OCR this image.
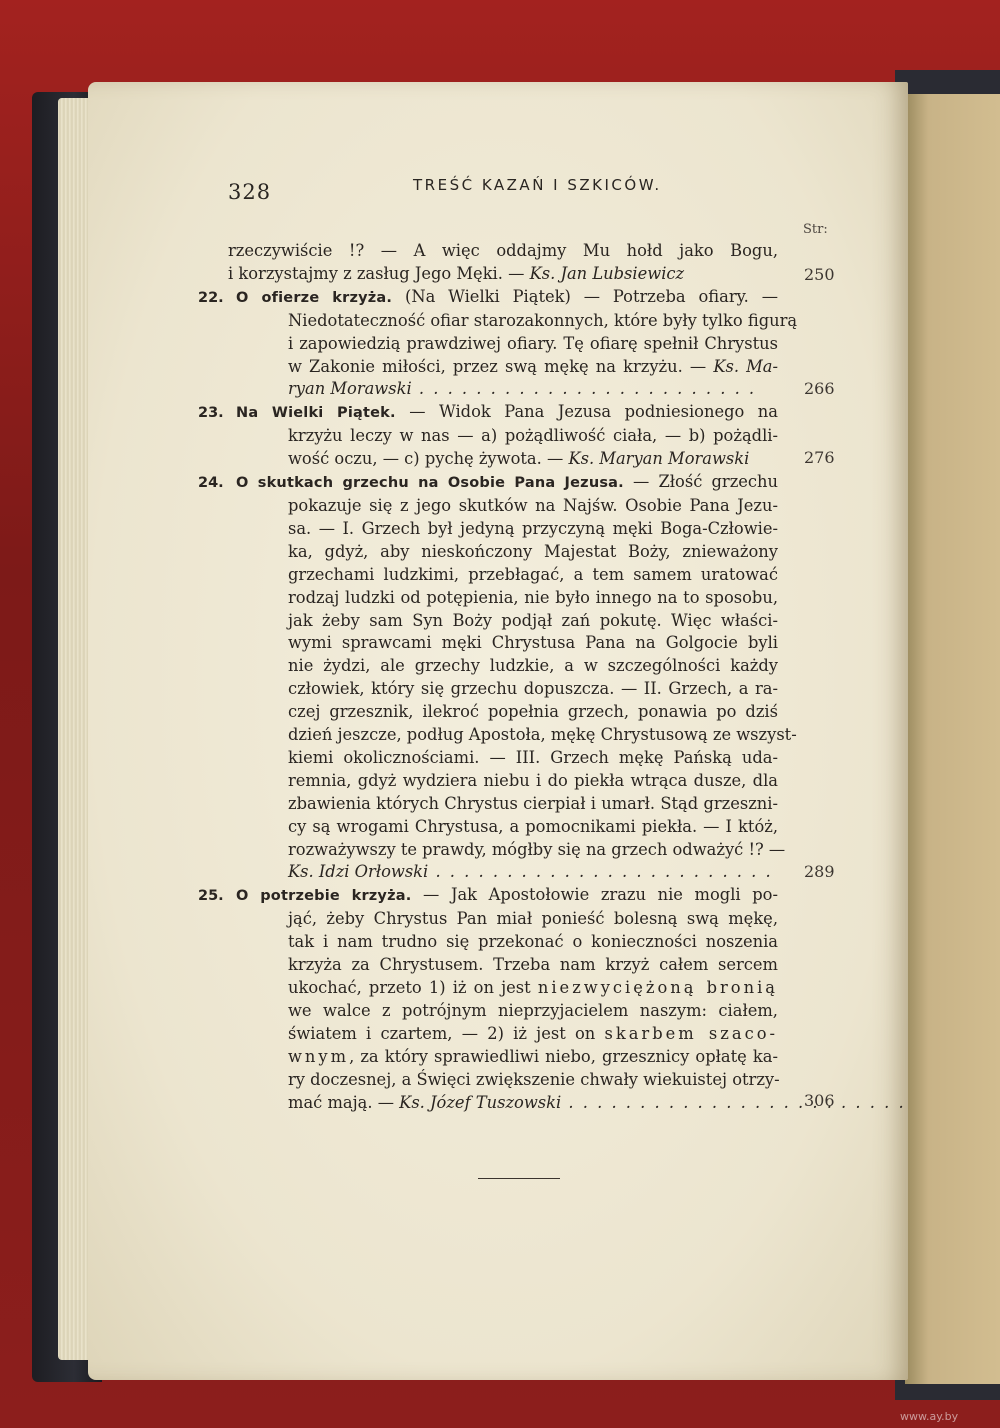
328	TREŚĆ KAZAŃ I SZKICÓW.
Str:
rzeczywiście !? — A więc oddajmy Mu hołd jako Bogu,
i korzystajmy z zasług Jego Męki. — Ks. Jan Lubsiewicz	250
22. O ofierze krzyża. (Na Wielki Piątek) — Potrzeba ofiary. —
Niedotateczność ofiar starozakonnych, które były tylko figurą
i zapowiedzią prawdziwej ofiary. Tę ofiarę spełnił Chrystus
w Zakonie miłości, przez swą mękę na krzyżu. — Ks. Ma-
ryan Morawski . . .	266
23. Na Wielki Piątek. — Widok Pana Jezusa podniesionego na
krzyżu leczy w nas — a) pożądliwość ciała, — b) pożądli-
wość oczu, — c) pychę żywota. — Ks. Maryan Morawski	276
24. O skutkach grzechu na Osobie Pana Jezusa. — Złość grzechu
pokazuje się z jego skutków na Najśw. Osobie Pana Jezu-
sa. — I. Grzech był jedyną przyczyną męki Boga-Człowie-
ka, gdyż, aby nieskończony Majestat Boży, znieważony
grzechami ludzkimi, przebłagać, a tem samem uratować
rodzaj ludzki od potępienia, nie było innego na to sposobu,
jak żeby sam Syn Boży podjął zań pokutę. Więc właści-
wymi sprawcami męki Chrystusa Pana na Golgocie byli
nie żydzi, ale grzechy ludzkie, a w szczególności każdy
człowiek, który się grzechu dopuszcza. — II. Grzech, a ra-
czej grzesznik, ilekroć popełnia grzech, ponawia po dziś
dzień jeszcze, podług Apostoła, mękę Chrystusową ze wszyst-
kiemi okolicznościami. — III. Grzech mękę Pańską uda-
remnia, gdyż wydziera niebu i do piekła wtrąca dusze, dla
zbawienia których Chrystus cierpiał i umarł. Stąd grzeszni-
cy są wrogami Chrystusa, a pomocnikami piekła. — I któż,
rozważywszy te prawdy, mógłby się na grzech odważyć !? —
Ks. Idzi Orłowski . . .	289
25. O potrzebie krzyża. — Jak Apostołowie zrazu nie mogli po-
jąć, żeby Chrystus Pan miał ponieść bolesną swą mękę,
tak i nam trudno się przekonać o konieczności noszenia
krzyża za Chrystusem. Trzeba nam krzyż całem sercem
ukochać, przeto 1) iż on jest niezwyciężoną bronią
we walce z potrójnym nieprzyjacielem naszym: ciałem,
światem i czartem, — 2) iż jest on skarbem szaco-
wnym, za który sprawiedliwi niebo, grzesznicy opłatę ka-
ry doczesnej, a Święci zwiększenie chwały wiekuistej otrzy-
mać mają. — Ks. Józef Tuszowski . . .	306
www.ay.by
